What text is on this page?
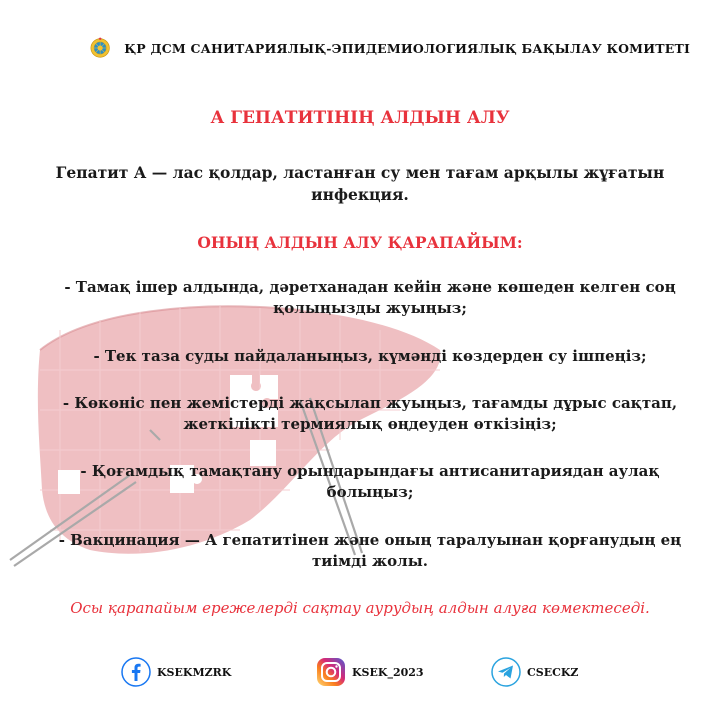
ҚР ДСМ САНИТАРИЯЛЫҚ-ЭПИДЕМИОЛОГИЯЛЫҚ БАҚЫЛАУ КОМИТЕТІ
А ГЕПАТИТІНІҢ АЛДЫН АЛУ
Гепатит А — лас қолдар, ластанған су мен тағам арқылы жұғатын инфекция.
ОНЫҢ АЛДЫН АЛУ ҚАРАПАЙЫМ:
- Тамақ ішер алдында, дәретханадан кейін және көшеден келген соң қолыңызды жуыңыз;
- Тек таза суды пайдаланыңыз, күмәнді көздерден су ішпеңіз;
- Көкөніс пен жемістерді жақсылап жуыңыз, тағамды дұрыс сақтап, жеткілікті термиялық өңдеуден өткізіңіз;
- Қоғамдық тамақтану орындарындағы антисанитариядан аулақ болыңыз;
- Вакцинация — А гепатитінен және оның таралуынан қорғанудың ең тиімді жолы.
Осы қарапайым ережелерді сақтау аурудың алдын алуға көмектеседі.
KSEKMZRK	KSEK_2023	CSECKZ
